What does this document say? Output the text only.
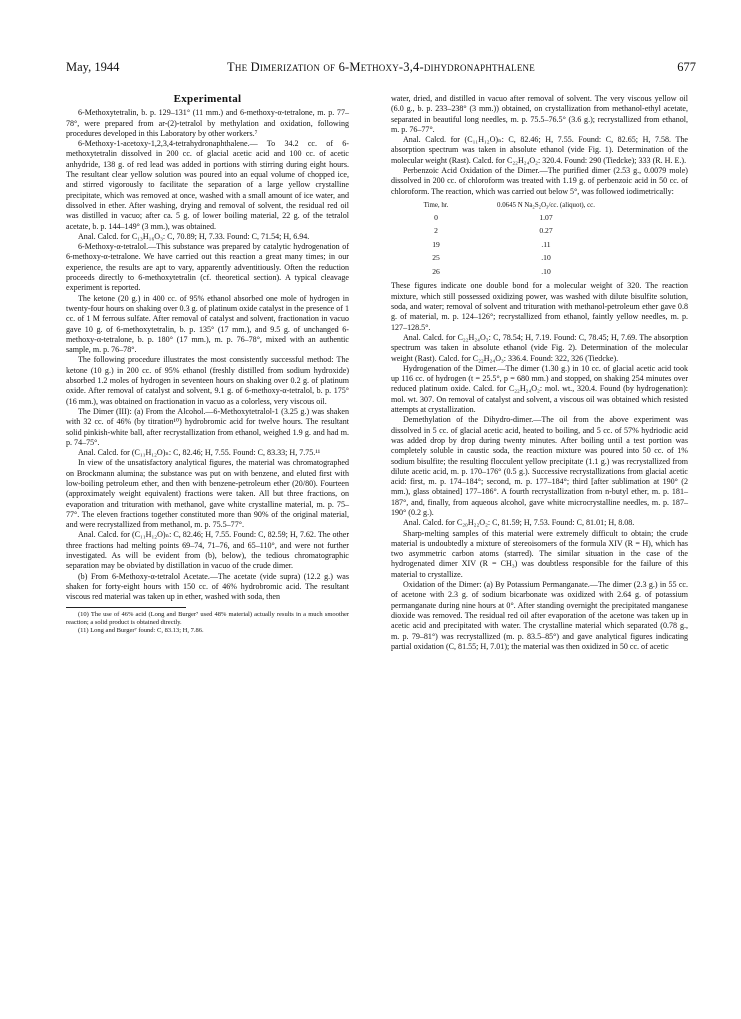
May, 1944	The Dimerization of 6-Methoxy-3,4-dihydronaphthalene	677
Experimental

6-Methoxytetralin, b. p. 129–131° (11 mm.) and 6-methoxy-α-tetralone, m. p. 77–78°, were prepared from ar-(2)-tetralol by methylation and oxidation, following procedures developed in this Laboratory by other workers.⁷

6-Methoxy-1-acetoxy-1,2,3,4-tetrahydronaphthalene.— To 34.2 cc. of 6-methoxytetralin dissolved in 200 cc. of glacial acetic acid and 100 cc. of acetic anhydride, 138 g. of red lead was added in portions with stirring during eight hours. The resultant clear yellow solution was poured into an equal volume of chopped ice, and stirred vigorously to facilitate the separation of a large yellow crystalline precipitate, which was removed at once, washed with a small amount of ice water, and dissolved in ether. After washing, drying and removal of solvent, the residual red oil was distilled in vacuo; after ca. 5 g. of lower boiling material, 22 g. of the tetralol acetate, b. p. 144–149° (3 mm.), was obtained.

Anal. Calcd. for C₁₃H₁₆O₃: C, 70.89; H, 7.33. Found: C, 71.54; H, 6.94.

6-Methoxy-α-tetralol.—This substance was prepared by catalytic hydrogenation of 6-methoxy-α-tetralone. We have carried out this reaction a great many times; in our experience, the results are apt to vary, apparently adventitiously. Often the reduction proceeds directly to 6-methoxytetralin (cf. theoretical section). A typical cleavage experiment is reported.

The ketone (20 g.) in 400 cc. of 95% ethanol absorbed one mole of hydrogen in twenty-four hours on shaking over 0.3 g. of platinum oxide catalyst in the presence of 1 cc. of 1 M ferrous sulfate. After removal of catalyst and solvent, fractionation in vacuo gave 10 g. of 6-methoxytetralin, b. p. 135° (17 mm.), and 9.5 g. of unchanged 6-methoxy-α-tetralone, b. p. 180° (17 mm.), m. p. 76–78°, mixed with an authentic sample, m. p. 76–78°.

The following procedure illustrates the most consistently successful method: The ketone (10 g.) in 200 cc. of 95% ethanol (freshly distilled from sodium hydroxide) absorbed 1.2 moles of hydrogen in seventeen hours on shaking over 0.2 g. of platinum oxide. After removal of catalyst and solvent, 9.1 g. of 6-methoxy-α-tetralol, b. p. 175° (16 mm.), was obtained on fractionation in vacuo as a colorless, very viscous oil.

The Dimer (III): (a) From the Alcohol.—6-Methoxytetralol-1 (3.25 g.) was shaken with 32 cc. of 46% (by titration¹⁰) hydrobromic acid for twelve hours. The resultant solid pinkish-white ball, after recrystallization from ethanol, weighed 1.9 g. and had m. p. 74–75°.

Anal. Calcd. for (C₁₁H₁₂O)ₙ: C, 82.46; H, 7.55. Found: C, 83.33; H, 7.75.¹¹

In view of the unsatisfactory analytical figures, the material was chromatographed on Brockmann alumina; the substance was put on with benzene, and eluted first with low-boiling petroleum ether, and then with benzene-petroleum ether (20/80). Fourteen (approximately weight equivalent) fractions were taken. All but three fractions, on evaporation and trituration with methanol, gave white crystalline material, m. p. 75–77°. The eleven fractions together constituted more than 90% of the original material, and were recrystallized from methanol, m. p. 75.5–77°.

Anal. Calcd. for (C₁₁H₁₂O)ₙ: C, 82.46; H, 7.55. Found: C, 82.59; H, 7.62. The other three fractions had melting points 69–74, 71–76, and 65–110°, and were not further investigated. As will be evident from (b), below), the tedious chromatographic separation may be obviated by distillation in vacuo of the crude dimer.

(b) From 6-Methoxy-α-tetralol Acetate.—The acetate (vide supra) (12.2 g.) was shaken for forty-eight hours with 150 cc. of 46% hydrobromic acid. The resultant viscous red material was taken up in ether, washed with soda, then

(10) The use of 46% acid (Long and Burger⁷ used 48% material) actually results in a much smoother reaction; a solid product is obtained directly.

(11) Long and Burger⁷ found: C, 83.13; H, 7.86.

water, dried, and distilled in vacuo after removal of solvent. The very viscous yellow oil (6.0 g., b. p. 233–238° (3 mm.)) obtained, on crystallization from methanol-ethyl acetate, separated in beautiful long needles, m. p. 75.5–76.5° (3.6 g.); recrystallized from ethanol, m. p. 76–77°.

Anal. Calcd. for (C₁₁H₁₂O)ₙ: C, 82.46; H, 7.55. Found: C, 82.65; H, 7.58. The absorption spectrum was taken in absolute ethanol (vide Fig. 1). Determination of the molecular weight (Rast). Calcd. for C₂₂H₂₄O₂: 320.4. Found: 290 (Tiedcke); 333 (R. H. E.).

Perbenzoic Acid Oxidation of the Dimer.—The purified dimer (2.53 g., 0.0079 mole) dissolved in 200 cc. of chloroform was treated with 1.19 g. of perbenzoic acid in 50 cc. of chloroform. The reaction, which was carried out below 5°, was followed iodimetrically:

Time, hr.	0.0645 N Na₂S₂O₃/cc. (aliquot), cc.
0	1.07
2	0.27
19	.11
25	.10
26	.10

These figures indicate one double bond for a molecular weight of 320. The reaction mixture, which still possessed oxidizing power, was washed with dilute bisulfite solution, soda, and water; removal of solvent and trituration with methanol-petroleum ether gave 0.8 g. of material, m. p. 124–126°; recrystallized from ethanol, faintly yellow needles, m. p. 127–128.5°.

Anal. Calcd. for C₂₂H₂₄O₃: C, 78.54; H, 7.19. Found: C, 78.45; H, 7.69. The absorption spectrum was taken in absolute ethanol (vide Fig. 2). Determination of the molecular weight (Rast). Calcd. for C₂₂H₂₄O₃: 336.4. Found: 322, 326 (Tiedcke).

Hydrogenation of the Dimer.—The dimer (1.30 g.) in 10 cc. of glacial acetic acid took up 116 cc. of hydrogen (t = 25.5°, p = 680 mm.) and stopped, on shaking 254 minutes over reduced platinum oxide. Calcd. for C₂₂H₂₄O₂: mol. wt., 320.4. Found (by hydrogenation): mol. wt. 307. On removal of catalyst and solvent, a viscous oil was obtained which resisted attempts at crystallization.

Demethylation of the Dihydro-dimer.—The oil from the above experiment was dissolved in 5 cc. of glacial acetic acid, heated to boiling, and 5 cc. of 57% hydriodic acid was added drop by drop during twenty minutes. After boiling until a test portion was completely soluble in caustic soda, the reaction mixture was poured into 50 cc. of 1% sodium bisulfite; the resulting flocculent yellow precipitate (1.1 g.) was recrystallized from dilute acetic acid, m. p. 170–176° (0.5 g.). Successive recrystallizations from glacial acetic acid: first, m. p. 174–184°; second, m. p. 177–184°; third [after sublimation at 190° (2 mm.), glass obtained] 177–186°. A fourth recrystallization from n-butyl ether, m. p. 181–187°, and, finally, from aqueous alcohol, gave white microcrystalline needles, m. p. 187–190° (0.2 g.).

Anal. Calcd. for C₂₀H₂₂O₂: C, 81.59; H, 7.53. Found: C, 81.01; H, 8.08.

Sharp-melting samples of this material were extremely difficult to obtain; the crude material is undoubtedly a mixture of stereoisomers of the formula XIV (R = H), which has two asymmetric carbon atoms (starred). The similar situation in the case of the hydrogenated dimer XIV (R = CH₃) was doubtless responsible for the failure of this material to crystallize.

Oxidation of the Dimer: (a) By Potassium Permanganate.—The dimer (2.3 g.) in 55 cc. of acetone with 2.3 g. of sodium bicarbonate was oxidized with 2.64 g. of potassium permanganate during nine hours at 0°. After standing overnight the precipitated manganese dioxide was removed. The residual red oil after evaporation of the acetone was taken up in acetic acid and precipitated with water. The crystalline material which separated (0.78 g., m. p. 79–81°) was recrystallized (m. p. 83.5–85°) and gave analytical figures indicating partial oxidation (C, 81.55; H, 7.01); the material was then oxidized in 50 cc. of acetic
